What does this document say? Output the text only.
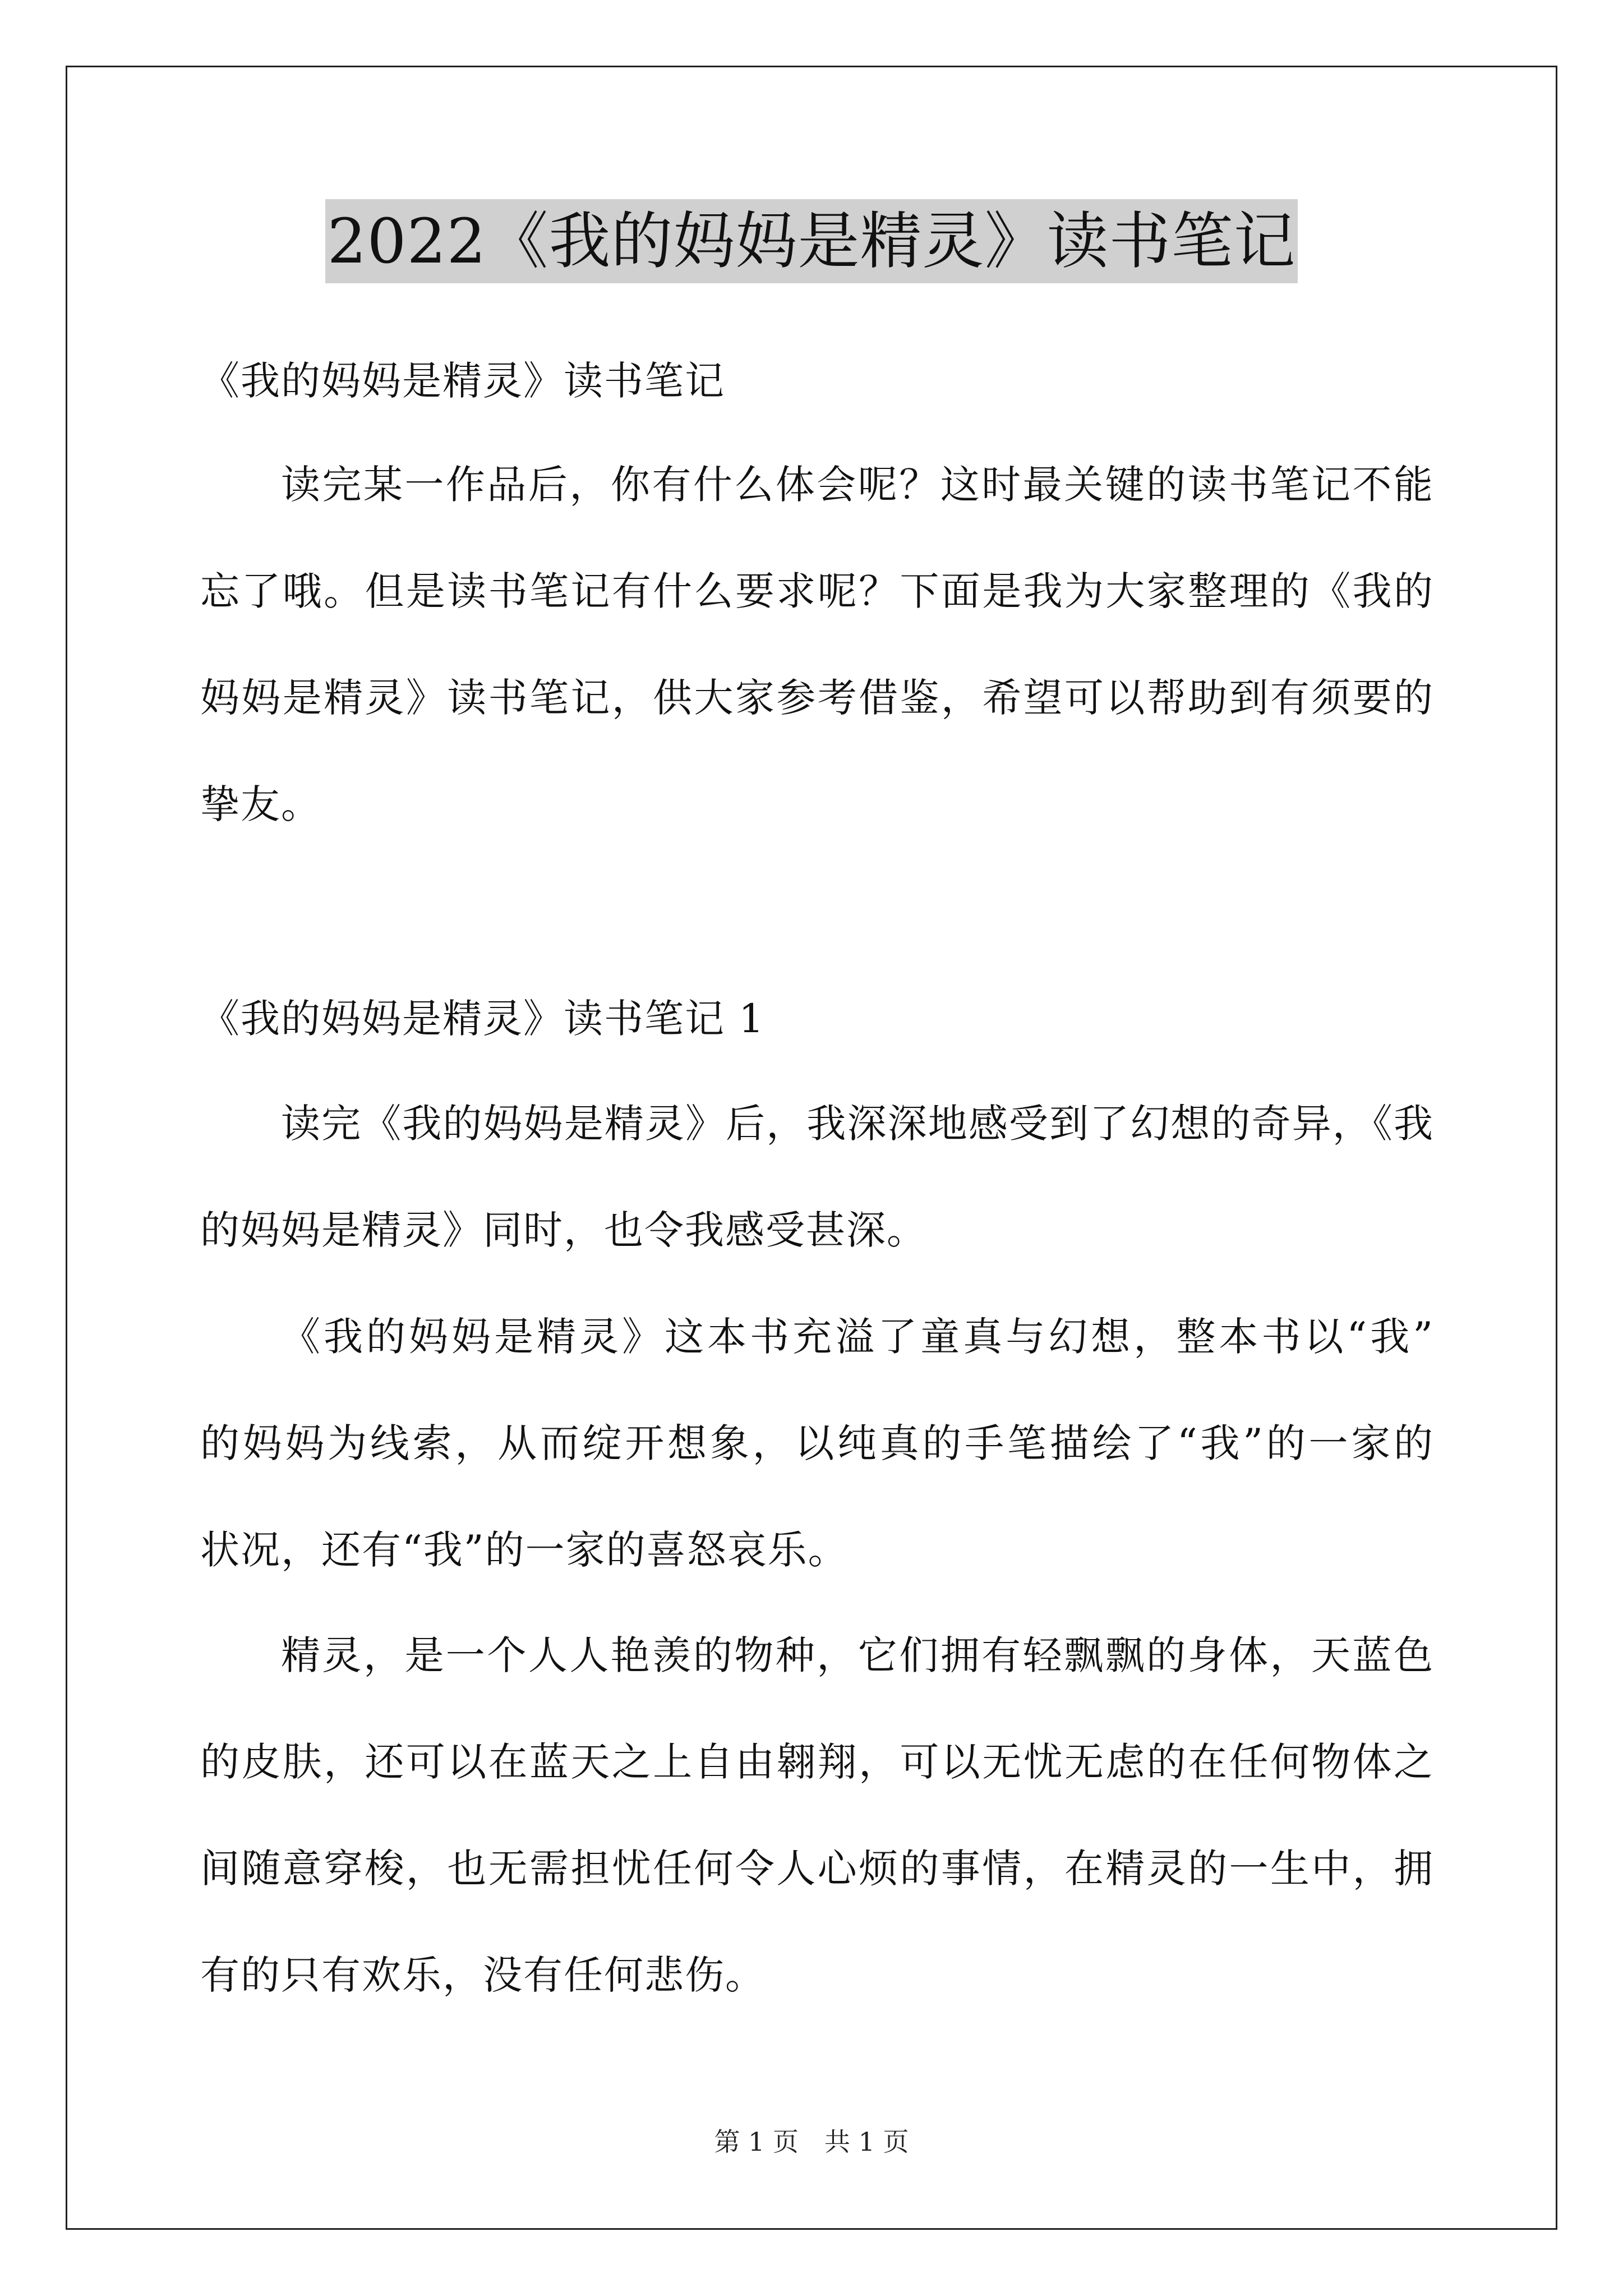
2022《我的妈妈是精灵》读书笔记
《我的妈妈是精灵》读书笔记
读完某一作品后，你有什么体会呢？这时最关键的读书笔记不能
忘了哦。但是读书笔记有什么要求呢？下面是我为大家整理的《我的
妈妈是精灵》读书笔记，供大家参考借鉴，希望可以帮助到有须要的
挚友。
《我的妈妈是精灵》读书笔记 1
读完《我的妈妈是精灵》后，我深深地感受到了幻想的奇异，《我
的妈妈是精灵》同时，也令我感受甚深。
《我的妈妈是精灵》这本书充溢了童真与幻想，整本书以“我”
的妈妈为线索，从而绽开想象，以纯真的手笔描绘了“我”的一家的
状况，还有“我”的一家的喜怒哀乐。
精灵，是一个人人艳羡的物种，它们拥有轻飘飘的身体，天蓝色
的皮肤，还可以在蓝天之上自由翱翔，可以无忧无虑的在任何物体之
间随意穿梭，也无需担忧任何令人心烦的事情，在精灵的一生中，拥
有的只有欢乐，没有任何悲伤。
第 1 页 共 1 页
